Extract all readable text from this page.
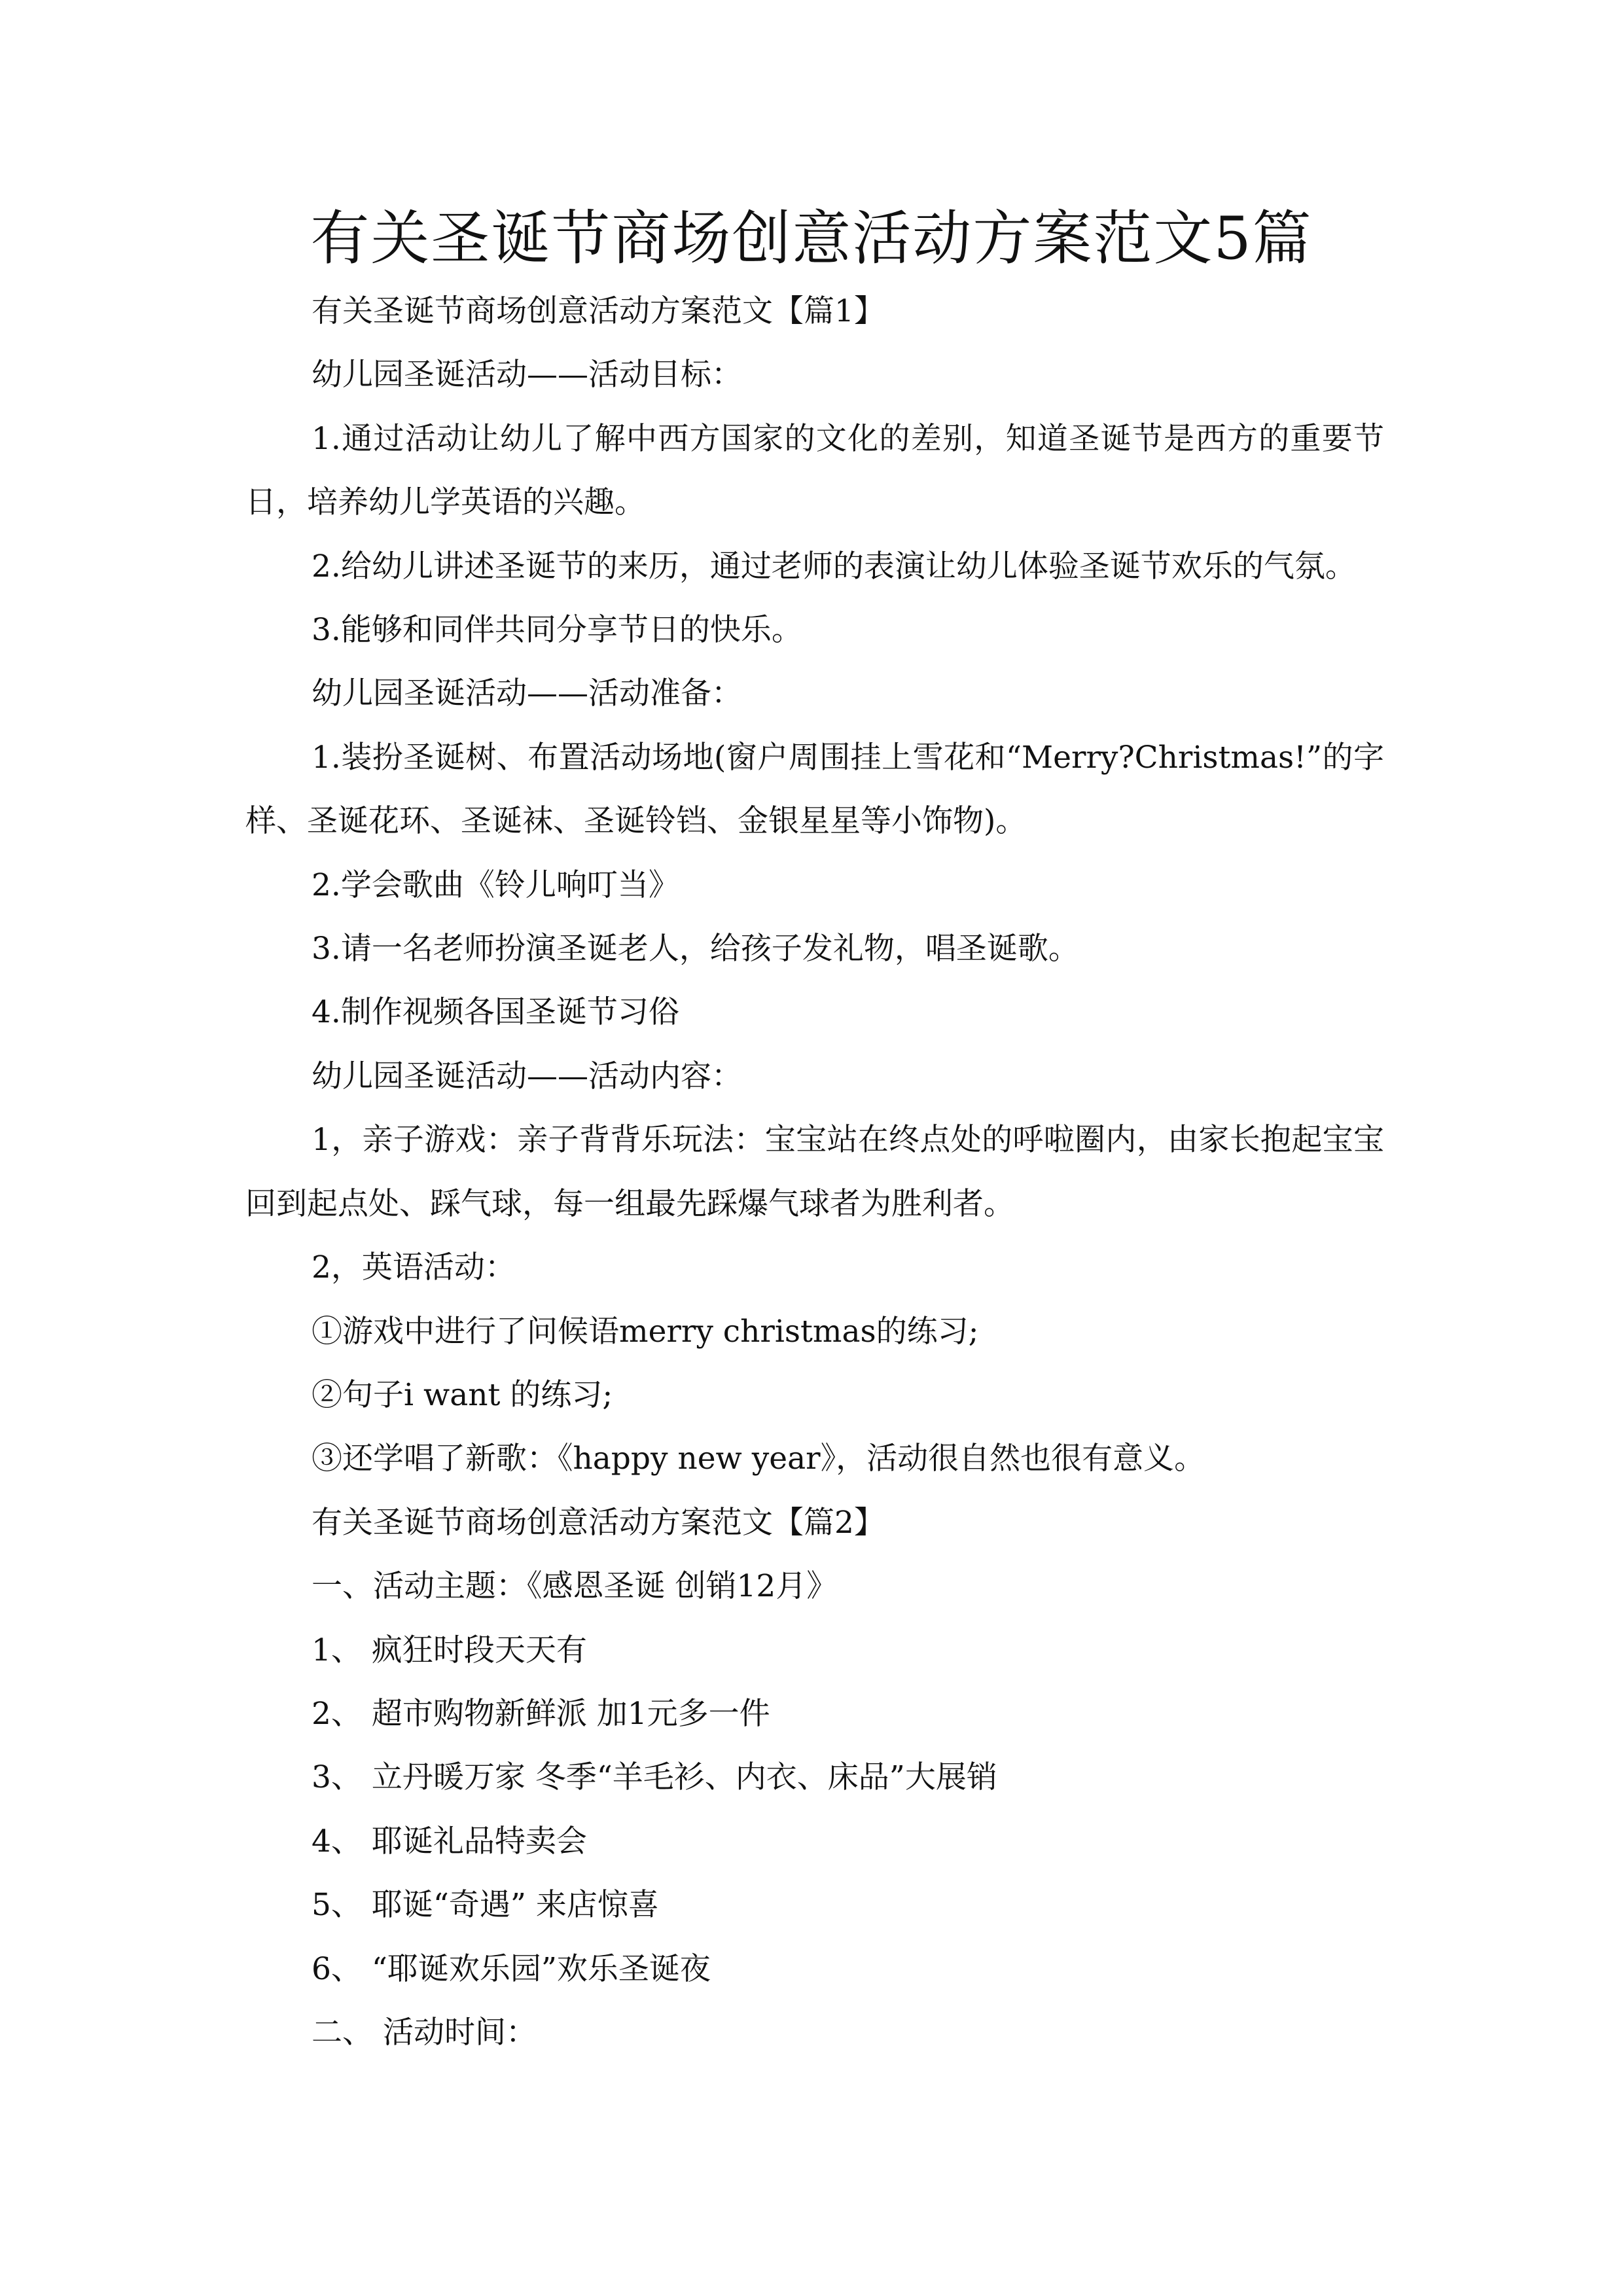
有关圣诞节商场创意活动方案范文5篇

有关圣诞节商场创意活动方案范文【篇1】

幼儿园圣诞活动——活动目标：

1.通过活动让幼儿了解中西方国家的文化的差别，知道圣诞节是西方的重要节日，培养幼儿学英语的兴趣。

2.给幼儿讲述圣诞节的来历，通过老师的表演让幼儿体验圣诞节欢乐的气氛。

3.能够和同伴共同分享节日的快乐。

幼儿园圣诞活动——活动准备：

1.装扮圣诞树、布置活动场地(窗户周围挂上雪花和“Merry?Christmas!”的字样、圣诞花环、圣诞袜、圣诞铃铛、金银星星等小饰物)。

2.学会歌曲《铃儿响叮当》

3.请一名老师扮演圣诞老人，给孩子发礼物，唱圣诞歌。

4.制作视频各国圣诞节习俗

幼儿园圣诞活动——活动内容：

1，亲子游戏：亲子背背乐玩法：宝宝站在终点处的呼啦圈内，由家长抱起宝宝回到起点处、踩气球，每一组最先踩爆气球者为胜利者。

2，英语活动：

①游戏中进行了问候语merry christmas的练习;

②句子i want 的练习;

③还学唱了新歌：《happy new year》，活动很自然也很有意义。

有关圣诞节商场创意活动方案范文【篇2】

一、活动主题：《感恩圣诞 创销12月》

1、 疯狂时段天天有

2、 超市购物新鲜派 加1元多一件

3、 立丹暖万家 冬季“羊毛衫、内衣、床品”大展销

4、 耶诞礼品特卖会

5、 耶诞“奇遇” 来店惊喜

6、 “耶诞欢乐园”欢乐圣诞夜

二、 活动时间：
